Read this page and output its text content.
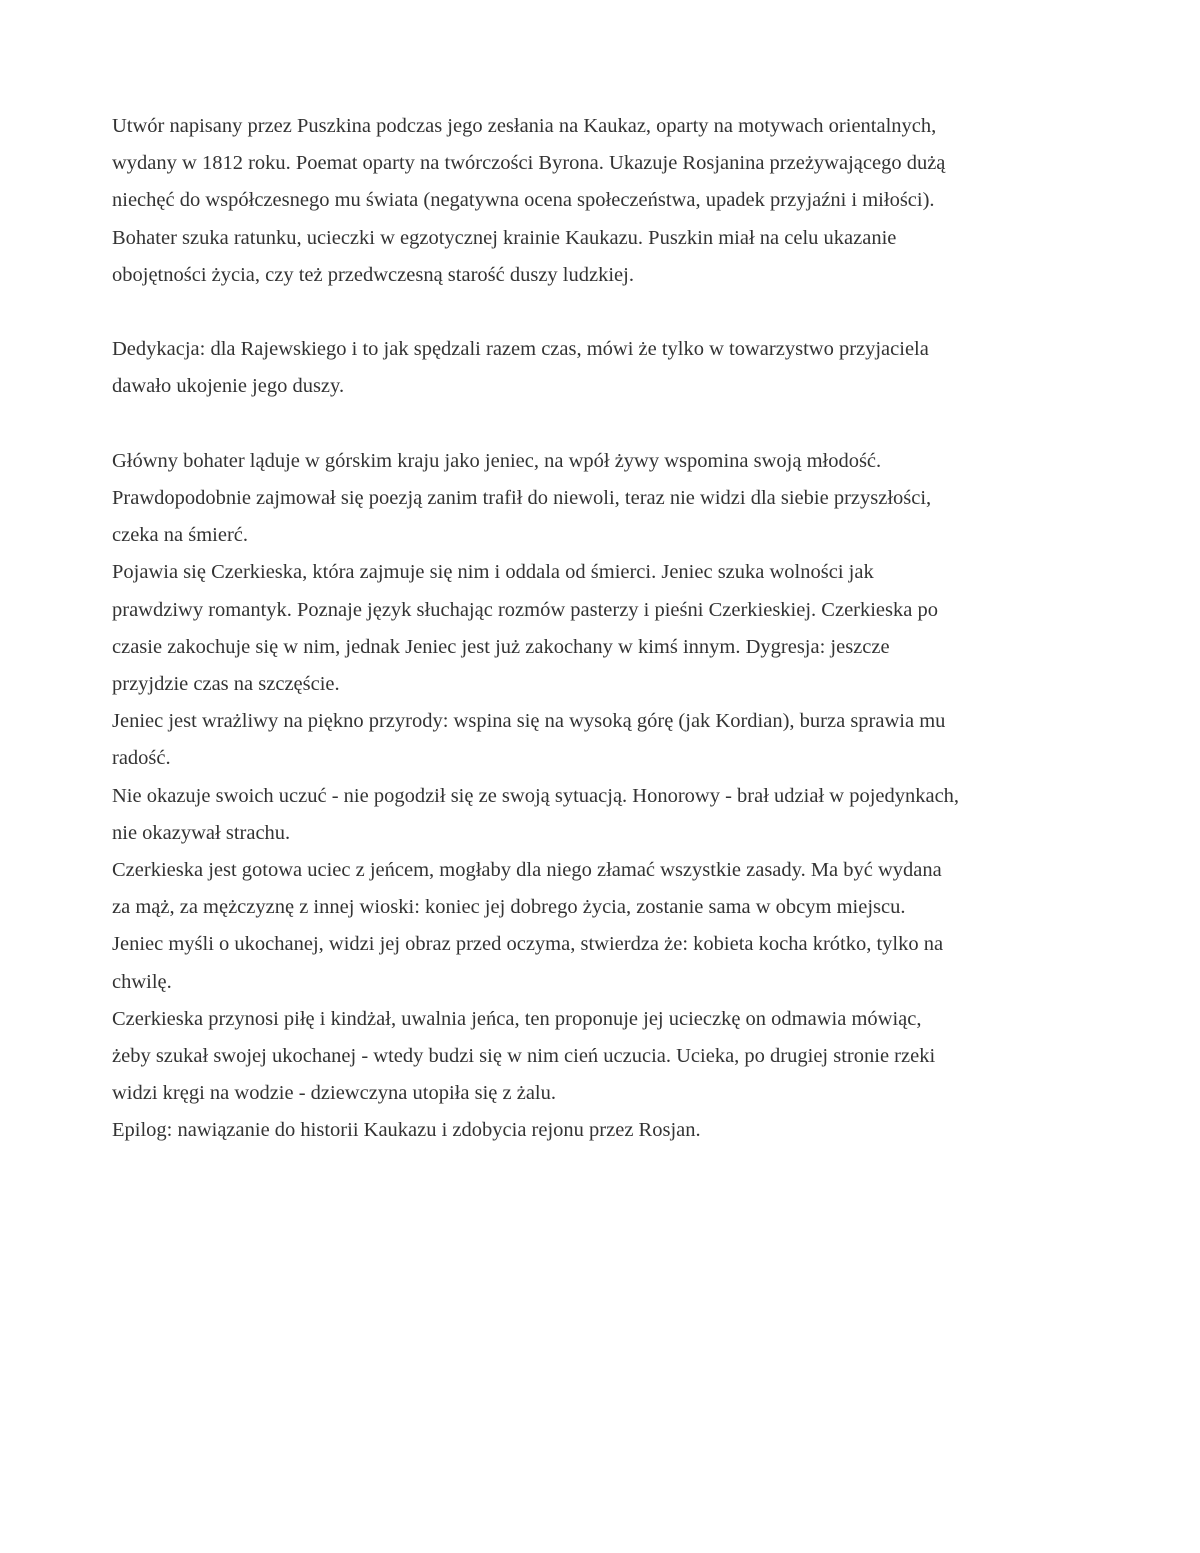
Utwór napisany przez Puszkina podczas jego zesłania na Kaukaz, oparty na motywach orientalnych,
wydany w 1812 roku. Poemat oparty na twórczości Byrona. Ukazuje Rosjanina przeżywającego dużą
niechęć do współczesnego mu świata (negatywna ocena społeczeństwa, upadek przyjaźni i miłości).
Bohater szuka ratunku, ucieczki w egzotycznej krainie Kaukazu. Puszkin miał na celu ukazanie
obojętności życia, czy też przedwczesną starość duszy ludzkiej.

Dedykacja: dla Rajewskiego i to jak spędzali razem czas, mówi że tylko w towarzystwo przyjaciela
dawało ukojenie jego duszy.

Główny bohater ląduje w górskim kraju jako jeniec, na wpół żywy wspomina swoją młodość.
Prawdopodobnie zajmował się poezją zanim trafił do niewoli, teraz nie widzi dla siebie przyszłości,
czeka na śmierć.
Pojawia się Czerkieska, która zajmuje się nim i oddala od śmierci. Jeniec szuka wolności jak
prawdziwy romantyk. Poznaje język słuchając rozmów pasterzy i pieśni Czerkieskiej. Czerkieska po
czasie zakochuje się w nim, jednak Jeniec jest już zakochany w kimś innym. Dygresja: jeszcze
przyjdzie czas na szczęście.
Jeniec jest wrażliwy na piękno przyrody: wspina się na wysoką górę (jak Kordian), burza sprawia mu
radość.
Nie okazuje swoich uczuć - nie pogodził się ze swoją sytuacją. Honorowy - brał udział w pojedynkach,
nie okazywał strachu.
Czerkieska jest gotowa uciec z jeńcem, mogłaby dla niego złamać wszystkie zasady. Ma być wydana
za mąż, za mężczyznę z innej wioski: koniec jej dobrego życia, zostanie sama w obcym miejscu.
Jeniec myśli o ukochanej, widzi jej obraz przed oczyma, stwierdza że: kobieta kocha krótko, tylko na
chwilę.
Czerkieska przynosi piłę i kindżał, uwalnia jeńca, ten proponuje jej ucieczkę on odmawia mówiąc,
żeby szukał swojej ukochanej - wtedy budzi się w nim cień uczucia. Ucieka, po drugiej stronie rzeki
widzi kręgi na wodzie - dziewczyna utopiła się z żalu.
Epilog: nawiązanie do historii Kaukazu i zdobycia rejonu przez Rosjan.
